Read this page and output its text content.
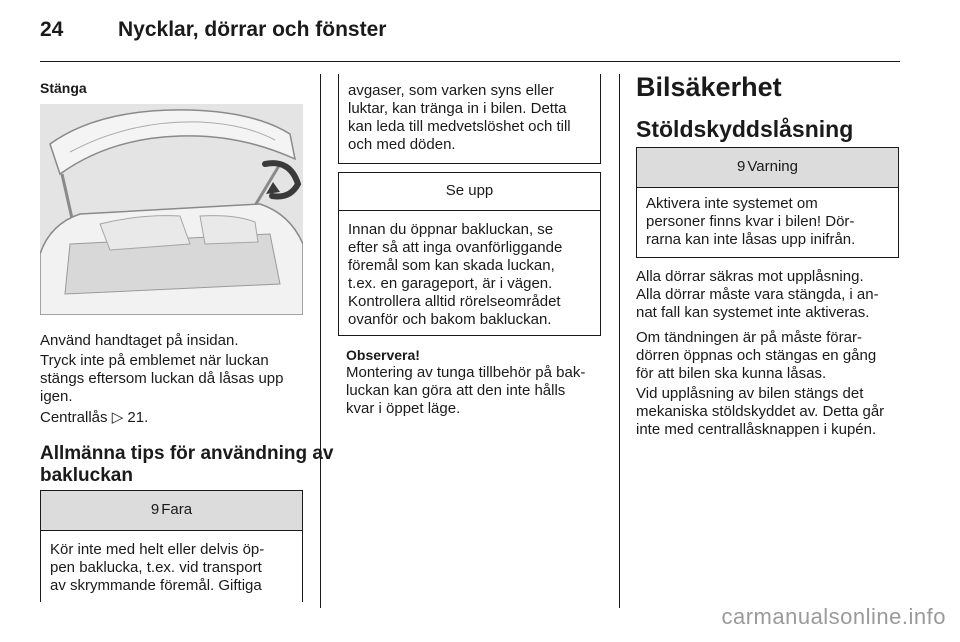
24	Nycklar, dörrar och fönster
Stänga
Använd handtaget på insidan.
Tryck inte på emblemet när luckan
stängs eftersom luckan då låsas upp
igen.
Centrallås ▷ 21.
Allmänna tips för användning av
bakluckan
9 Fara
Kör inte med helt eller delvis öp-
pen baklucka, t.ex. vid transport
av skrymmande föremål. Giftiga
avgaser, som varken syns eller
luktar, kan tränga in i bilen. Detta
kan leda till medvetslöshet och till
och med döden.
Se upp
Innan du öppnar bakluckan, se
efter så att inga ovanförliggande
föremål som kan skada luckan,
t.ex. en garageport, är i vägen.
Kontrollera alltid rörelseområdet
ovanför och bakom bakluckan.
Observera!
Montering av tunga tillbehör på bak-
luckan kan göra att den inte hålls
kvar i öppet läge.
Bilsäkerhet
Stöldskyddslåsning
9 Varning
Aktivera inte systemet om
personer finns kvar i bilen! Dör-
rarna kan inte låsas upp inifrån.
Alla dörrar säkras mot upplåsning.
Alla dörrar måste vara stängda, i an-
nat fall kan systemet inte aktiveras.
Om tändningen är på måste förar-
dörren öppnas och stängas en gång
för att bilen ska kunna låsas.
Vid upplåsning av bilen stängs det
mekaniska stöldskyddet av. Detta går
inte med centrallåsknappen i kupén.
carmanualsonline.info
